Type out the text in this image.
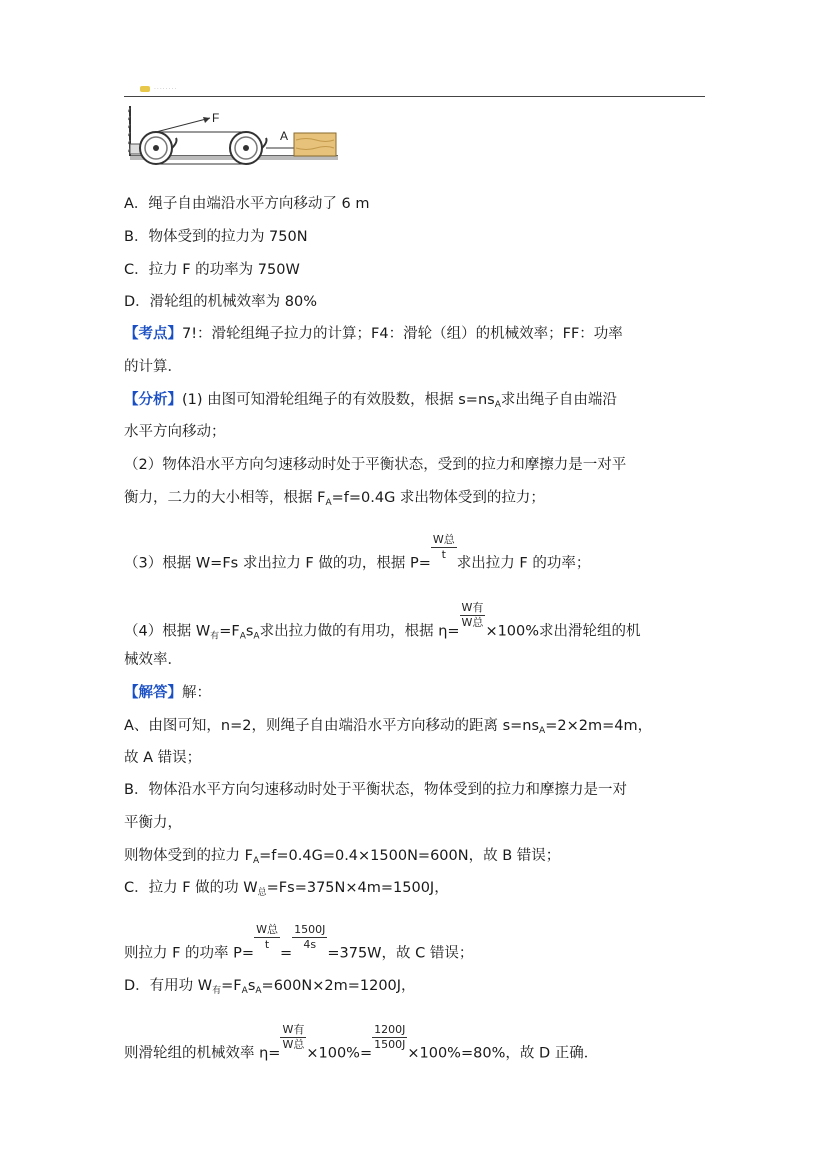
········
F
A
A．绳子自由端沿水平方向移动了 6 m
B．物体受到的拉力为 750N
C．拉力 F 的功率为 750W
D．滑轮组的机械效率为 80%
【考点】7!：滑轮组绳子拉力的计算；F4：滑轮（组）的机械效率；FF：功率
的计算．
【分析】(1) 由图可知滑轮组绳子的有效股数，根据 $s=ns_A$求出绳子自由端沿
水平方向移动；
（2）物体沿水平方向匀速移动时处于平衡状态，受到的拉力和摩擦力是一对平
衡力，二力的大小相等，根据 $F_A=f=0.4G$ 求出物体受到的拉力；
（3）根据 W=Fs 求出拉力 F 做的功，根据 P=
$\frac{\text{W总}}{t}$
求出拉力 F 的功率；
（4）根据 $W_有=F_As_A$求出拉力做的有用功，根据 η=
$\frac{\text{W有}}{\text{W总}}$
×100%求出滑轮组的机
械效率．
【解答】解：
A、由图可知，n=2，则绳子自由端沿水平方向移动的距离 $s=ns_A=2\times 2m=4m$，
故 A 错误；
B．物体沿水平方向匀速移动时处于平衡状态，物体受到的拉力和摩擦力是一对
平衡力，
则物体受到的拉力 $F_A=f=0.4G=0.4\times 1500N=600N$，故 B 错误；
C．拉力 F 做的功 $W_总=Fs=375N\times 4m=1500J$，
则拉力 F 的功率 P=
$\frac{\text{W总}}{t}$
=
$\frac{1500J}{4s}$
=375W，故 C 错误；
D．有用功 $W_有=F_As_A=600N\times 2m=1200J$，
则滑轮组的机械效率 η=
$\frac{\text{W有}}{\text{W总}}$
×100%=
$\frac{1200J}{1500J}$
×100%=80%，故 D 正确．
